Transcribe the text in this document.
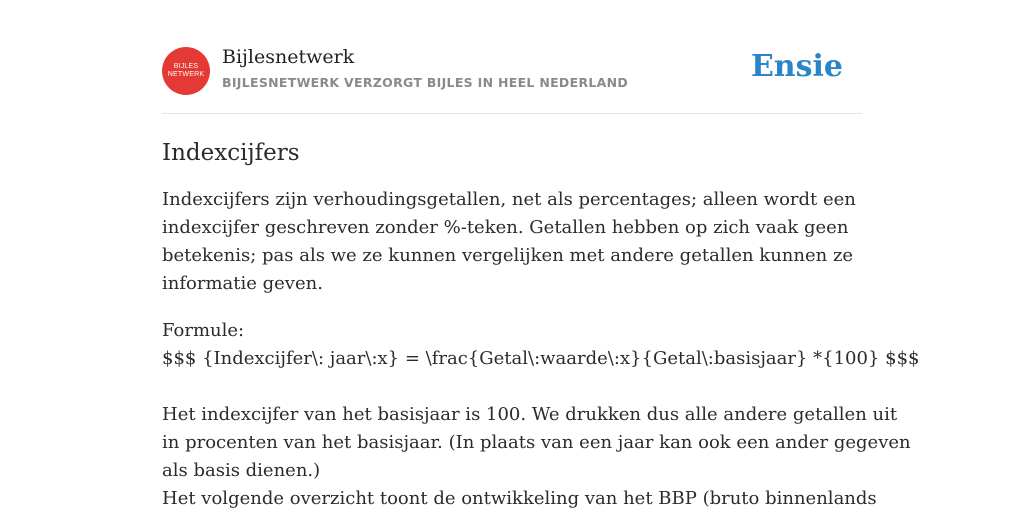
BIJLES
NETWERK
Bijlesnetwerk
BIJLESNETWERK VERZORGT BIJLES IN HEEL NEDERLAND	Ensie
Indexcijfers

Indexcijfers zijn verhoudingsgetallen, net als percentages; alleen wordt een
indexcijfer geschreven zonder %-teken. Getallen hebben op zich vaak geen
betekenis; pas als we ze kunnen vergelijken met andere getallen kunnen ze
informatie geven.

Formule:

$$$ {Indexcijfer\: jaar\:x} = \frac{Getal\:waarde\:x}{Getal\:basisjaar} *{100} $$$

Het indexcijfer van het basisjaar is 100. We drukken dus alle andere getallen uit

in procenten van het basisjaar. (In plaats van een jaar kan ook een ander gegeven

als basis dienen.)

Het volgende overzicht toont de ontwikkeling van het BBP (bruto binnenlands
